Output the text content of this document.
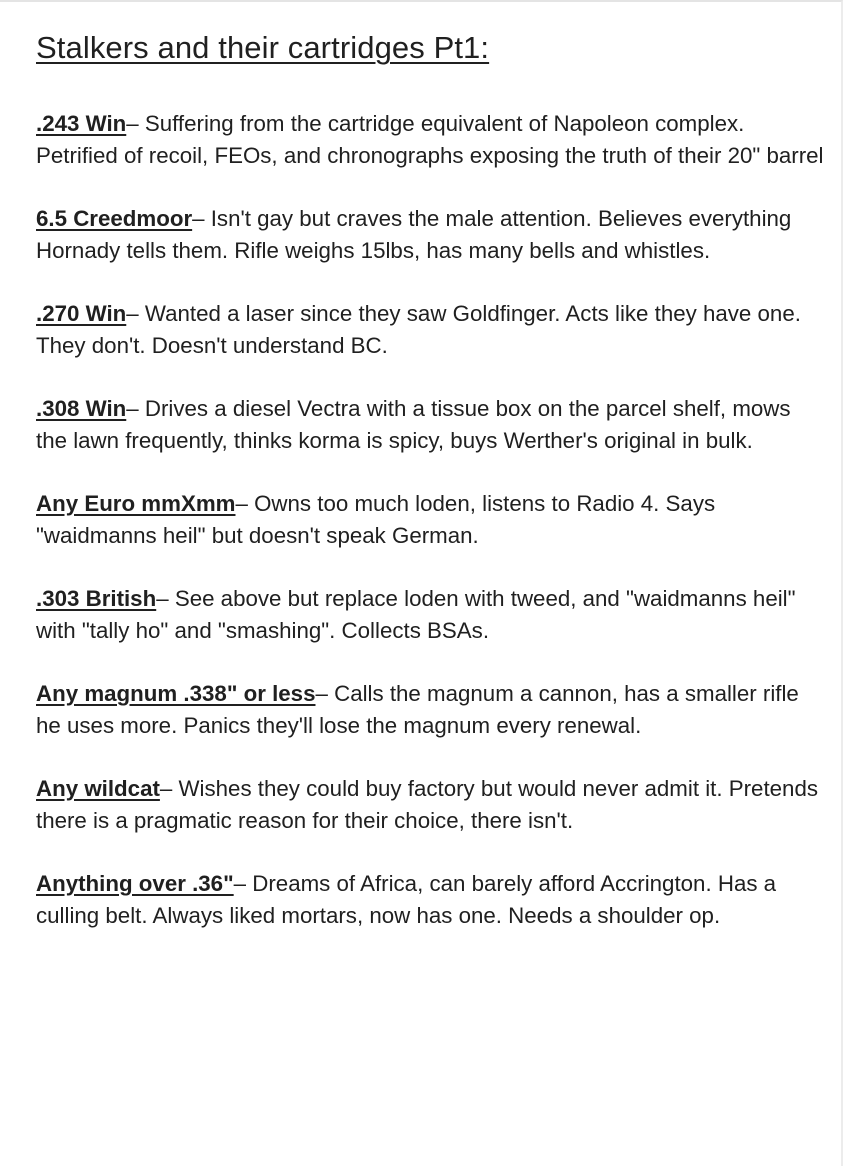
Stalkers and their cartridges Pt1:

.243 Win– Suffering from the cartridge equivalent of Napoleon complex. Petrified of recoil, FEOs, and chronographs exposing the truth of their 20" barrel

6.5 Creedmoor– Isn't gay but craves the male attention. Believes everything Hornady tells them. Rifle weighs 15lbs, has many bells and whistles.

.270 Win– Wanted a laser since they saw Goldfinger. Acts like they have one. They don't. Doesn't understand BC.

.308 Win– Drives a diesel Vectra with a tissue box on the parcel shelf, mows the lawn frequently, thinks korma is spicy, buys Werther's original in bulk.

Any Euro mmXmm– Owns too much loden, listens to Radio 4. Says "waidmanns heil" but doesn't speak German.

.303 British– See above but replace loden with tweed, and "waidmanns heil" with "tally ho" and "smashing". Collects BSAs.

Any magnum .338" or less– Calls the magnum a cannon, has a smaller rifle he uses more. Panics they'll lose the magnum every renewal.

Any wildcat– Wishes they could buy factory but would never admit it. Pretends there is a pragmatic reason for their choice, there isn't.

Anything over .36"– Dreams of Africa, can barely afford Accrington. Has a culling belt. Always liked mortars, now has one. Needs a shoulder op.
